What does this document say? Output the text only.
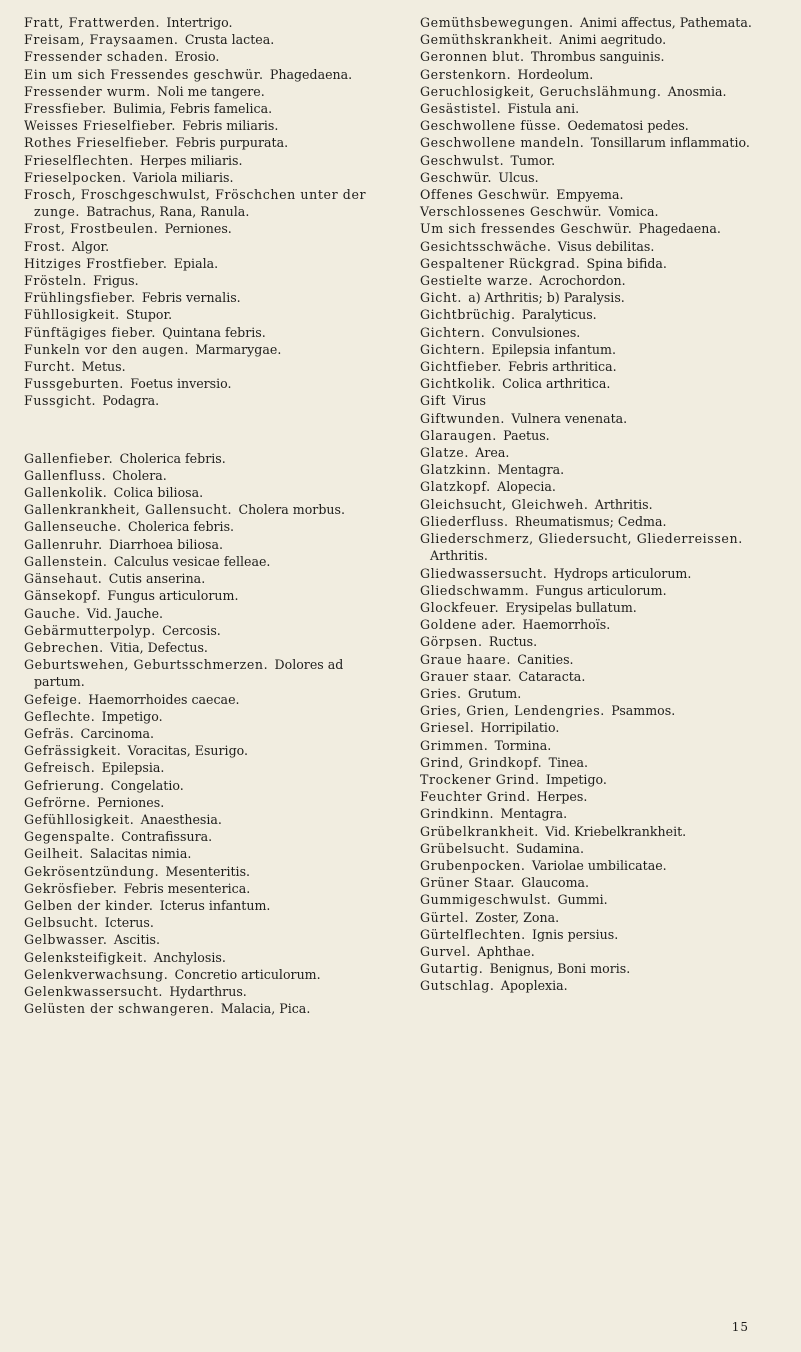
Fratt, Frattwerden.  Intertrigo.

Freisam, Fraysaamen.  Crusta lactea.

Fressender schaden.  Erosio.

Ein um sich Fressendes geschwür.  Phagedaena.

Fressender wurm.  Noli me tangere.

Fressfieber.  Bulimia, Febris famelica.

Weisses Frieselfieber.  Febris miliaris.

Rothes Frieselfieber.  Febris purpurata.

Frieselflechten.  Herpes miliaris.

Frieselpocken.  Variola miliaris.

Frosch, Froschgeschwulst, Fröschchen unter der zunge.  Batrachus, Rana, Ranula.

Frost, Frostbeulen.  Perniones.

Frost.  Algor.

Hitziges Frostfieber.  Epiala.

Frösteln.  Frigus.

Frühlingsfieber.  Febris vernalis.

Fühllosigkeit.  Stupor.

Fünftägiges fieber.  Quintana febris.

Funkeln vor den augen.  Marmarygae.

Furcht.  Metus.

Fussgeburten.  Foetus inversio.

Fussgicht.  Podagra.

Gallenfieber.  Cholerica febris.

Gallenfluss.  Cholera.

Gallenkolik.  Colica biliosa.

Gallenkrankheit, Gallensucht.  Cholera morbus.

Gallenseuche.  Cholerica febris.

Gallenruhr.  Diarrhoea biliosa.

Gallenstein.  Calculus vesicae felleae.

Gänsehaut.  Cutis anserina.

Gänsekopf.  Fungus articulorum.

Gauche.  Vid. Jauche.

Gebärmutterpolyp.  Cercosis.

Gebrechen.  Vitia, Defectus.

Geburtswehen, Geburtsschmerzen.  Dolores ad partum.

Gefeige.  Haemorrhoides caecae.

Geflechte.  Impetigo.

Gefräs.  Carcinoma.

Gefrässigkeit.  Voracitas, Esurigo.

Gefreisch.  Epilepsia.

Gefrierung.  Congelatio.

Gefrörne.  Perniones.

Gefühllosigkeit.  Anaesthesia.

Gegenspalte.  Contrafissura.

Geilheit.  Salacitas nimia.

Gekrösentzündung.  Mesenteritis.

Gekrösfieber.  Febris mesenterica.

Gelben der kinder.  Icterus infantum.

Gelbsucht.  Icterus.

Gelbwasser.  Ascitis.

Gelenksteifigkeit.  Anchylosis.

Gelenkverwachsung.  Concretio articulorum.

Gelenkwassersucht.  Hydarthrus.

Gelüsten der schwangeren.  Malacia, Pica.

Gemüthsbewegungen.  Animi affectus, Pathemata.

Gemüthskrankheit.  Animi aegritudo.

Geronnen blut.  Thrombus sanguinis.

Gerstenkorn.  Hordeolum.

Geruchlosigkeit, Geruchslähmung.  Anosmia.

Gesästistel.  Fistula ani.

Geschwollene füsse.  Oedematosi pedes.

Geschwollene mandeln.  Tonsillarum inflammatio.

Geschwulst.  Tumor.

Geschwür.  Ulcus.

Offenes Geschwür.  Empyema.

Verschlossenes Geschwür.  Vomica.

Um sich fressendes Geschwür.  Phagedaena.

Gesichtsschwäche.  Visus debilitas.

Gespaltener Rückgrad.  Spina bifida.

Gestielte warze.  Acrochordon.

Gicht.  a) Arthritis; b) Paralysis.

Gichtbrüchig.  Paralyticus.

Gichtern.  Convulsiones.

Gichtern.  Epilepsia infantum.

Gichtfieber.  Febris arthritica.

Gichtkolik.  Colica arthritica.

Gift  Virus

Giftwunden.  Vulnera venenata.

Glaraugen.  Paetus.

Glatze.  Area.

Glatzkinn.  Mentagra.

Glatzkopf.  Alopecia.

Gleichsucht, Gleichweh.  Arthritis.

Gliederfluss.  Rheumatismus; Cedma.

Gliederschmerz, Gliedersucht, Gliederreissen. Arthritis.

Gliedwassersucht.  Hydrops articulorum.

Gliedschwamm.  Fungus articulorum.

Glockfeuer.  Erysipelas bullatum.

Goldene ader.  Haemorrhoïs.

Görpsen.  Ructus.

Graue haare.  Canities.

Grauer staar.  Cataracta.

Gries.  Grutum.

Gries, Grien, Lendengries.  Psammos.

Griesel.  Horripilatio.

Grimmen.  Tormina.

Grind, Grindkopf.  Tinea.

Trockener Grind.  Impetigo.

Feuchter Grind.  Herpes.

Grindkinn.  Mentagra.

Grübelkrankheit.  Vid. Kriebelkrankheit.

Grübelsucht.  Sudamina.

Grubenpocken.  Variolae umbilicatae.

Grüner Staar.  Glaucoma.

Gummigeschwulst.  Gummi.

Gürtel.  Zoster, Zona.

Gürtelflechten.  Ignis persius.

Gurvel.  Aphthae.

Gutartig.  Benignus, Boni moris.

Gutschlag.  Apoplexia.

15
